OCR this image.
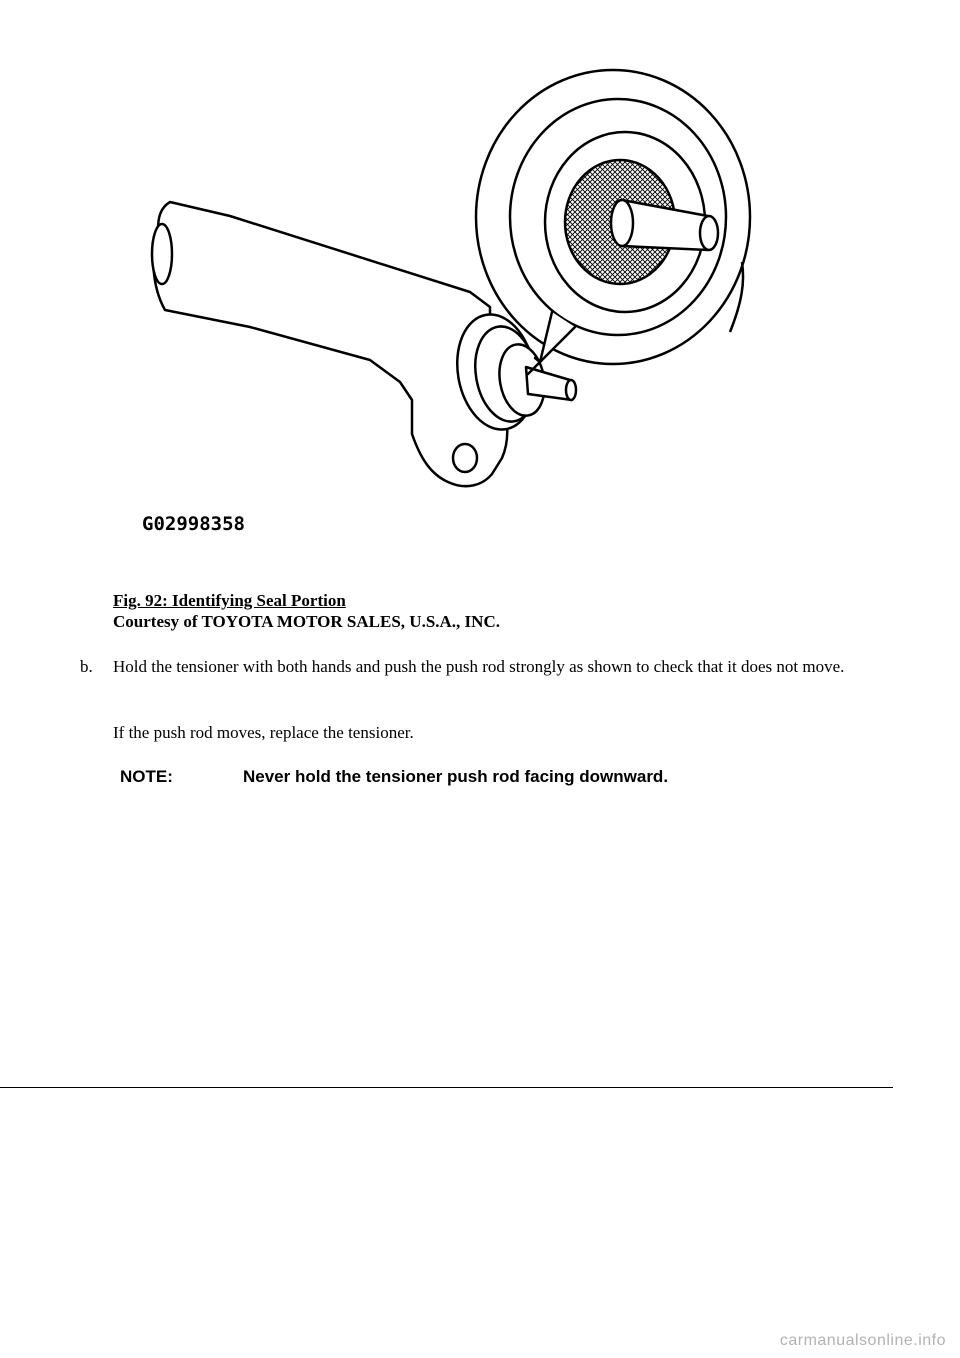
G02998358
Fig. 92: Identifying Seal Portion
Courtesy of TOYOTA MOTOR SALES, U.S.A., INC.
b. Hold the tensioner with both hands and push the push rod strongly as shown to check that it does not move.
If the push rod moves, replace the tensioner.
NOTE:	Never hold the tensioner push rod facing downward.
carmanualsonline.info
